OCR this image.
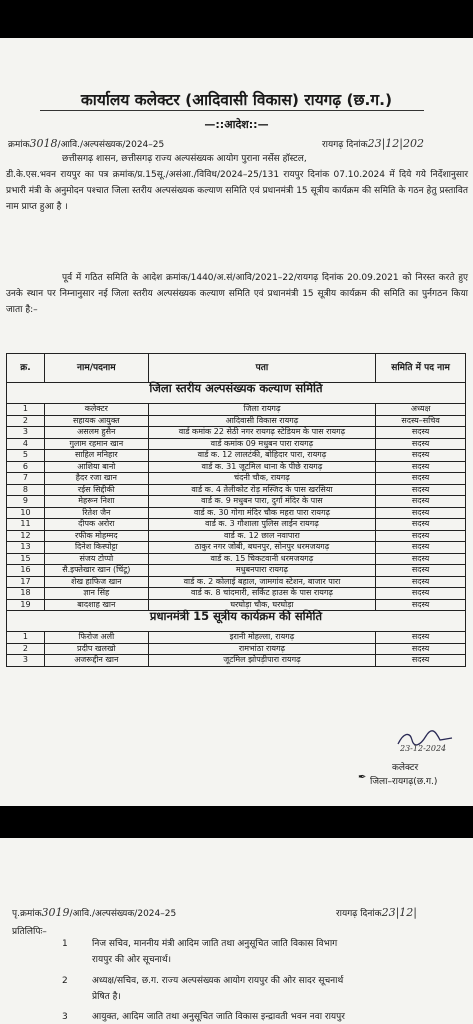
कार्यालय कलेक्टर (आदिवासी विकास) रायगढ़ (छ.ग.)
—::आदेश::—
क्रमांक3018/आवि./अल्पसंख्यक/2024–25	रायगढ़ दिनांक23|12|202
छत्तीसगढ़ शासन, छत्तीसगढ़ राज्य अल्पसंख्यक आयोग पुराना नर्सेस हॉस्टल,
डी.के.एस.भवन रायपुर का पत्र क्रमांक/प्र.15सू./असंआ./विविध/2024–25/131 रायपुर दिनांक 07.10.2024 में दिये गये निर्देशानुसार प्रभारी मंत्री के अनुमोदन पश्चात जिला स्तरीय अल्पसंख्यक कल्याण समिति एवं प्रधानमंत्री 15 सूत्रीय कार्यक्रम की समिति के गठन हेतु प्रस्तावित नाम प्राप्त हुआ है ।
पूर्व में गठित समिति के आदेश क्रमांक/1440/अ.सं/आवि/2021–22/रायगढ़ दिनांक 20.09.2021 को निरस्त करते हुए उनके स्थान पर निम्नानुसार नई जिला स्तरीय अल्पसंख्यक कल्याण समिति एवं प्रधानमंत्री 15 सूत्रीय कार्यक्रम की समिति का पुर्नगठन किया जाता है:–
क्र.	नाम/पदनाम	पता	समिति में पद नाम
जिला स्तरीय अल्पसंख्यक कल्याण समिति			
1	कलेक्टर	जिला रायगढ़	अध्यक्ष
2	सहायक आयुक्त	आदिवासी विकास रायगढ़	सदस्य–सचिव
3	असलम हुसैन	वार्ड कमांक 22 सेठी नगर रायगढ़ स्टेडियम के पास रायगढ़	सदस्य
4	गुलाम रहमान खान	वार्ड कमांक 09 मधुबन पारा रायगढ़	सदस्य
5	साहिल मनिहार	वार्ड क. 12 लालटंकी, बोहिदार पारा, रायगढ़	सदस्य
6	आशिया बानो	वार्ड क. 31 जूटमिल थाना के पीछे रायगढ़	सदस्य
7	हैदर रजा खान	चंदनी चौक, रायगढ़	सदस्य
8	रईस सिद्दीकी	वार्ड क. 4 तेलीकोट रोड़ मस्जिद के पास खरसिया	सदस्य
9	मेहरून निशा	वार्ड क. 9 मधुबन पारा, दुर्गा मंदिर के पास	सदस्य
10	रितेश जैन	वार्ड क. 30 गोगा मंदिर चौक महरा पारा रायगढ़	सदस्य
11	दीपक अरोरा	वार्ड क. 3 गौशाला पुलिस लाईन रायगढ़	सदस्य
12	रफीक मोहम्मद	वार्ड क. 12 छाल नवापारा	सदस्य
13	दिनेश किस्पोट्टा	ठाकुर नगर जोबी, बघनपुर, सोनपुर धरमजयगढ़	सदस्य
15	संजय टोप्पो	वार्ड क. 15 चिकटवानी धरमजयगढ़	सदस्य
16	सै.इफ्तेखार खान (चिंटू)	मधुबनपारा रायगढ़	सदस्य
17	शेख हाफिज खान	वार्ड क. 2 कोलाई बहाल, जामगांव स्टेशन, बाजार पारा	सदस्य
18	ज्ञान सिंह	वार्ड क. 8 चांदमारी, सर्किट हाउस के पास रायगढ़	सदस्य
19	बादशाह खान	घरघोड़ा चौक, घरघोड़ा	सदस्य
प्रधानमंत्री 15 सूत्रीय कार्यक्रम की समिति			
1	फिरोज अली	इरानी मोहल्ला, रायगढ़	सदस्य
2	प्रदीप खलखो	रामभांठा रायगढ़	सदस्य
3	अजरूद्दीन खान	जूटमिल झोपड़ीपारा रायगढ़	सदस्य
23-12-2024
कलेक्टर
✒ जिला–रायगढ़(छ.ग.)
पृ.क्रमांक3019/आवि./अल्पसंख्यक/2024–25	रायगढ़ दिनांक23|12|
प्रतिलिपिः–
1	निज सचिव, माननीय मंत्री आदिम जाति तथा अनुसूचित जाति विकास विभाग
रायपुर की ओर सूचनार्थ।
2	अध्यक्ष/सचिव, छ.ग. राज्य अल्पसंख्यक आयोग रायपुर की ओर सादर सूचनार्थ
प्रेषित है।
3	आयुक्त, आदिम जाति तथा अनुसूचित जाति विकास इन्द्रावती भवन नवा रायपुर
